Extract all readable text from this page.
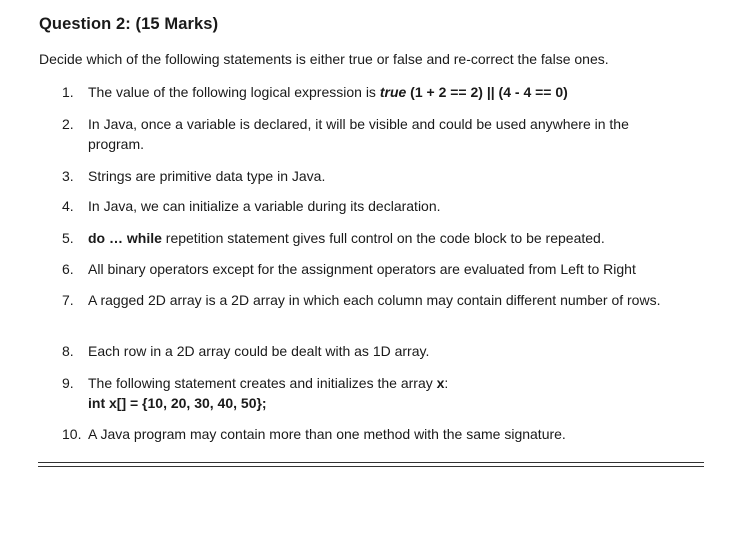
Question 2: (15 Marks)
Decide which of the following statements is either true or false and re-correct the false ones.
1.	The value of the following logical expression is true (1 + 2 == 2) || (4 - 4 == 0)
2.	In Java, once a variable is declared, it will be visible and could be used anywhere in the program.
3.	Strings are primitive data type in Java.
4.	In Java, we can initialize a variable during its declaration.
5.	do … while repetition statement gives full control on the code block to be repeated.
6.	All binary operators except for the assignment operators are evaluated from Left to Right
7.	A ragged 2D array is a 2D array in which each column may contain different number of rows.
8.	Each row in a 2D array could be dealt with as 1D array.
9.	The following statement creates and initializes the array x:
int x[] = {10, 20, 30, 40, 50};
10. A Java program may contain more than one method with the same signature.
